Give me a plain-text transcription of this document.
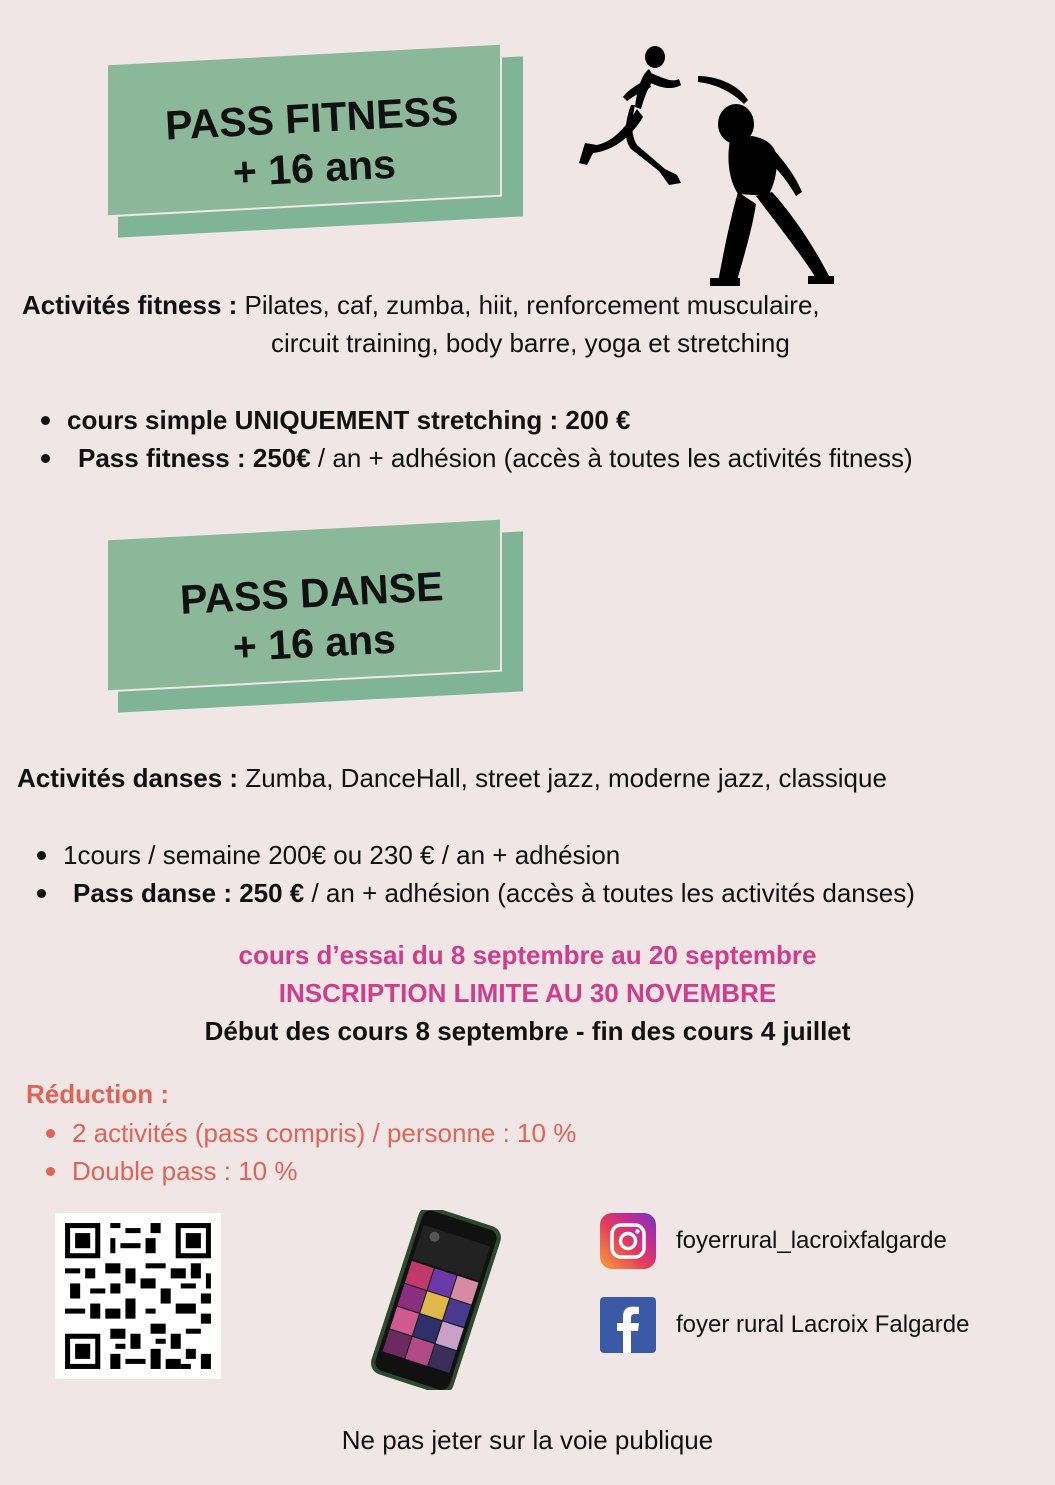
PASS FITNESS
+ 16 ans
Activités fitness : Pilates, caf, zumba, hiit, renforcement musculaire,
circuit training, body barre, yoga et stretching
cours simple UNIQUEMENT stretching : 200 €
Pass fitness : 250€ / an + adhésion (accès à toutes les activités fitness)
PASS DANSE
+ 16 ans
Activités danses : Zumba, DanceHall, street jazz, moderne jazz, classique
1cours / semaine 200€ ou 230 € / an + adhésion
Pass danse : 250 € / an + adhésion (accès à toutes les activités danses)
cours d’essai du 8 septembre au 20 septembre
INSCRIPTION LIMITE AU 30 NOVEMBRE
Début des cours 8 septembre - fin des cours 4 juillet
Réduction :
2 activités (pass compris) / personne : 10 %
Double pass : 10 %
foyerrural_lacroixfalgarde
foyer rural Lacroix Falgarde
Ne pas jeter sur la voie publique
